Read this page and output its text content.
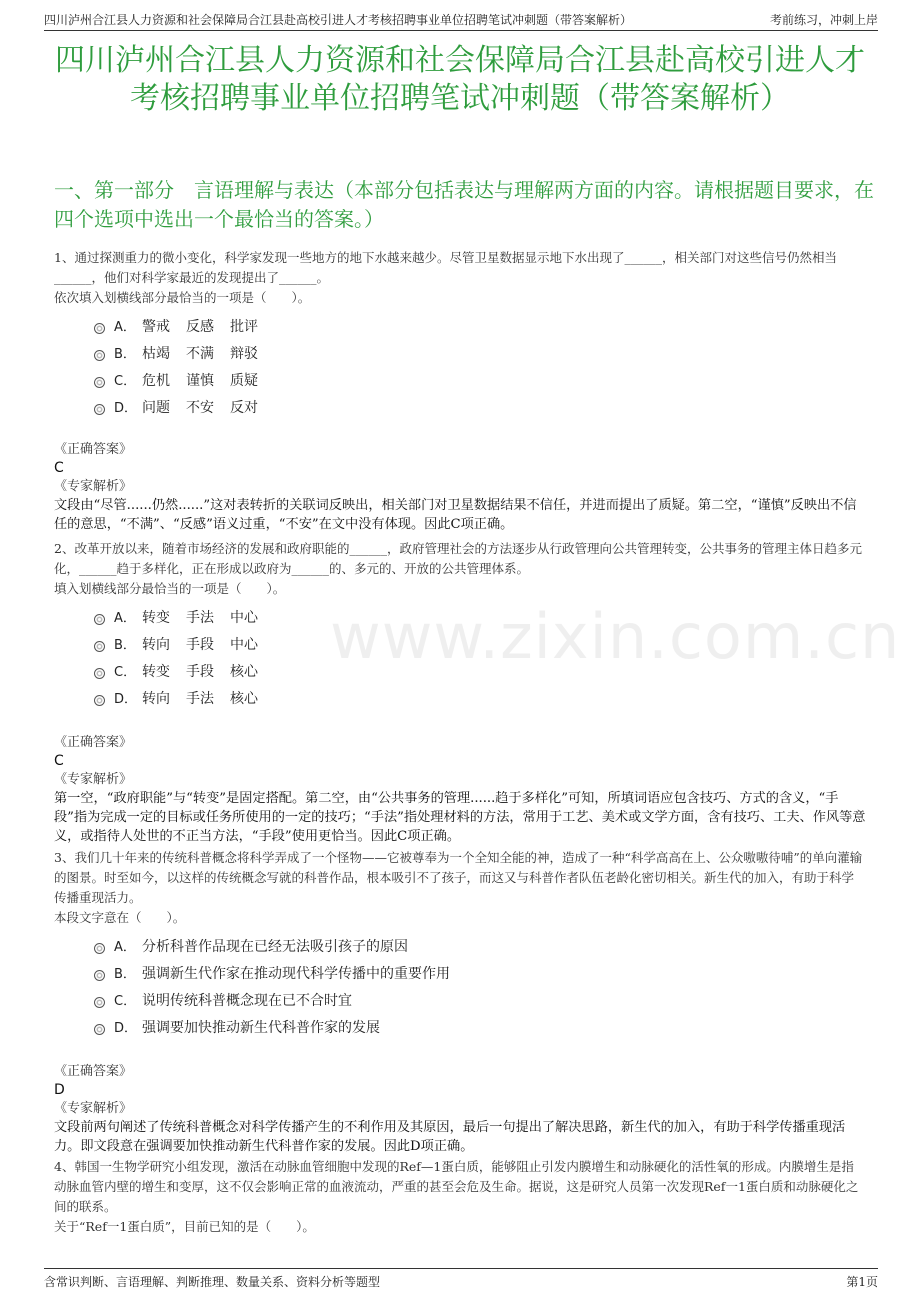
四川泸州合江县人力资源和社会保障局合江县赴高校引进人才考核招聘事业单位招聘笔试冲刺题（带答案解析）	考前练习，冲刺上岸
四川泸州合江县人力资源和社会保障局合江县赴高校引进人才
考核招聘事业单位招聘笔试冲刺题（带答案解析）
一、第一部分　言语理解与表达（本部分包括表达与理解两方面的内容。请根据题目要求，在四个选项中选出一个最恰当的答案。）
www.zixin.com.cn

1、通过探测重力的微小变化，科学家发现一些地方的地下水越来越少。尽管卫星数据显示地下水出现了______，相关部门对这些信号仍然相当______，他们对科学家最近的发现提出了______。

依次填入划横线部分最恰当的一项是（　　）。

A． 警戒 反感 批评
B． 枯竭 不满 辩驳
C． 危机 谨慎 质疑
D． 问题 不安 反对

《正确答案》

C

《专家解析》

文段由“尽管......仍然......”这对表转折的关联词反映出，相关部门对卫星数据结果不信任，并进而提出了质疑。第二空，“谨慎”反映出不信任的意思，“不满”、“反感”语义过重，“不安”在文中没有体现。因此C项正确。

2、改革开放以来，随着市场经济的发展和政府职能的______，政府管理社会的方法逐步从行政管理向公共管理转变，公共事务的管理主体日趋多元化，______趋于多样化，正在形成以政府为______的、多元的、开放的公共管理体系。

填入划横线部分最恰当的一项是（　　）。

A． 转变 手法 中心
B． 转向 手段 中心
C． 转变 手段 核心
D． 转向 手法 核心

《正确答案》

C

《专家解析》

第一空，“政府职能”与“转变”是固定搭配。第二空，由“公共事务的管理......趋于多样化”可知，所填词语应包含技巧、方式的含义，“手段”指为完成一定的目标或任务所使用的一定的技巧；“手法”指处理材料的方法，常用于工艺、美术或文学方面，含有技巧、工夫、作风等意义，或指待人处世的不正当方法，“手段”使用更恰当。因此C项正确。

3、我们几十年来的传统科普概念将科学弄成了一个怪物——它被尊奉为一个全知全能的神，造成了一种“科学高高在上、公众嗷嗷待哺”的单向灌输的图景。时至如今，以这样的传统概念写就的科普作品，根本吸引不了孩子，而这又与科普作者队伍老龄化密切相关。新生代的加入，有助于科学传播重现活力。

本段文字意在（　　）。

A． 分析科普作品现在已经无法吸引孩子的原因
B． 强调新生代作家在推动现代科学传播中的重要作用
C． 说明传统科普概念现在已不合时宜
D． 强调要加快推动新生代科普作家的发展

《正确答案》

D

《专家解析》

文段前两句阐述了传统科普概念对科学传播产生的不利作用及其原因，最后一句提出了解决思路，新生代的加入，有助于科学传播重现活力。即文段意在强调要加快推动新生代科普作家的发展。因此D项正确。

4、韩国一生物学研究小组发现，激活在动脉血管细胞中发现的Ref—1蛋白质，能够阻止引发内膜增生和动脉硬化的活性氧的形成。内膜增生是指动脉血管内壁的增生和变厚，这不仅会影响正常的血液流动，严重的甚至会危及生命。据说，这是研究人员第一次发现Ref一1蛋白质和动脉硬化之间的联系。

关于“Ref一1蛋白质”，目前已知的是（　　）。

含常识判断、言语理解、判断推理、数量关系、资料分析等题型	第1页
